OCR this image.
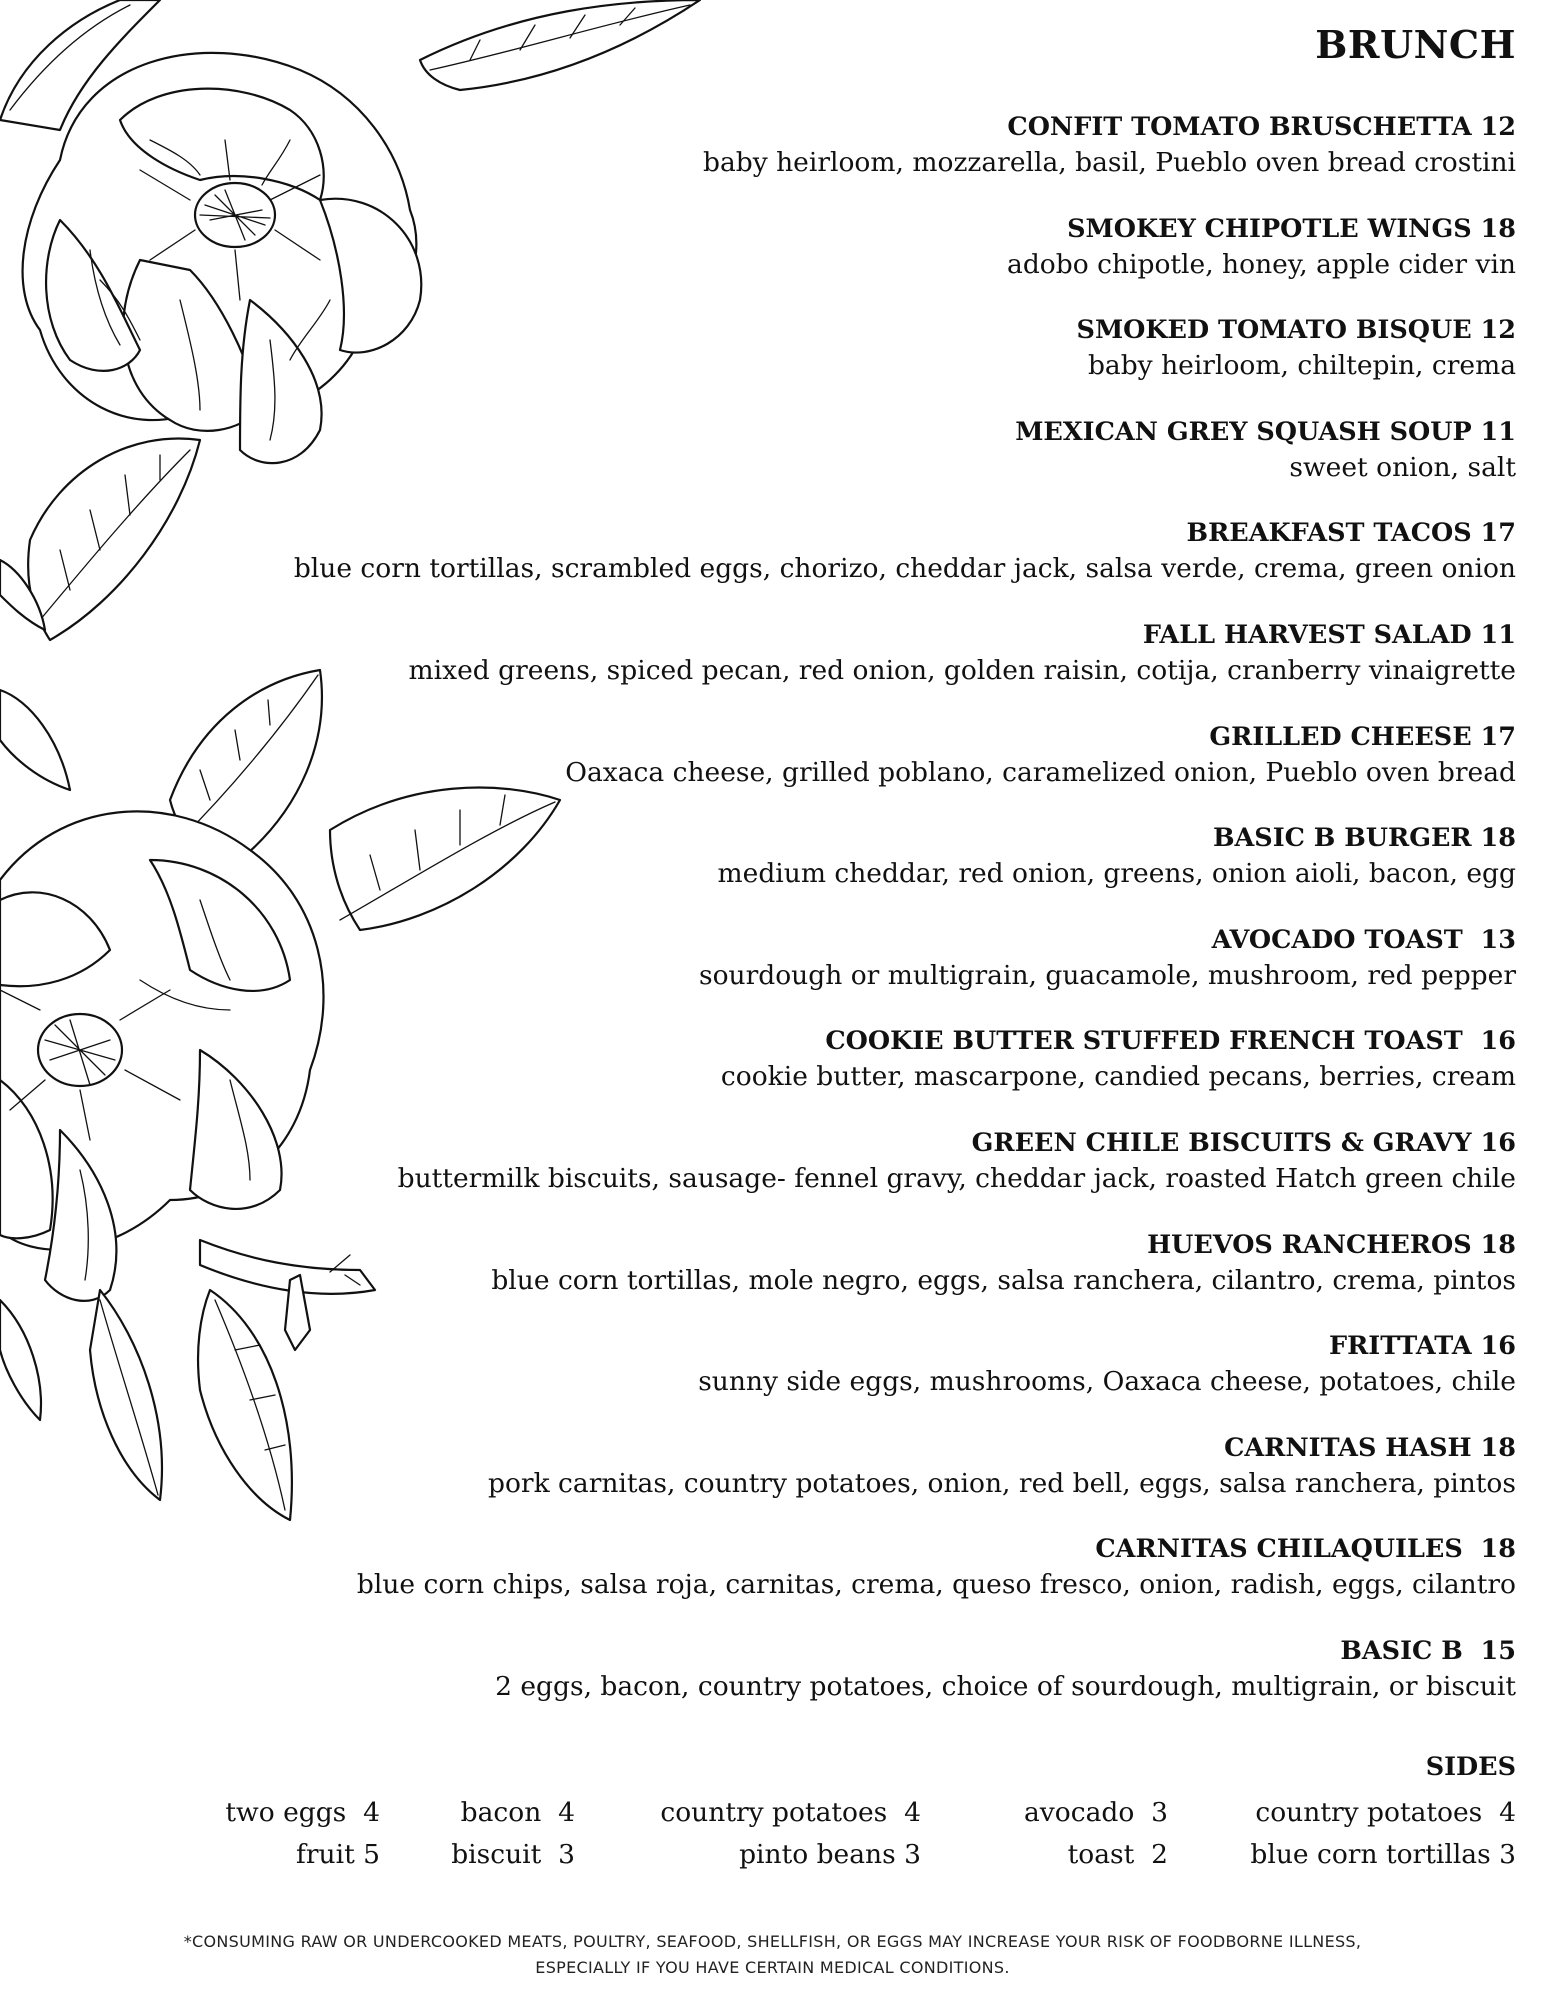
BRUNCH
CONFIT TOMATO BRUSCHETTA 12
baby heirloom, mozzarella, basil, Pueblo oven bread crostini
SMOKEY CHIPOTLE WINGS 18
adobo chipotle, honey, apple cider vin
SMOKED TOMATO BISQUE 12
baby heirloom, chiltepin, crema
MEXICAN GREY SQUASH SOUP 11
sweet onion, salt
BREAKFAST TACOS 17
blue corn tortillas, scrambled eggs, chorizo, cheddar jack, salsa verde, crema, green onion
FALL HARVEST SALAD 11
mixed greens, spiced pecan, red onion, golden raisin, cotija, cranberry vinaigrette
GRILLED CHEESE 17
Oaxaca cheese, grilled poblano, caramelized onion, Pueblo oven bread
BASIC B BURGER 18
medium cheddar, red onion, greens, onion aioli, bacon, egg
AVOCADO TOAST  13
sourdough or multigrain, guacamole, mushroom, red pepper
COOKIE BUTTER STUFFED FRENCH TOAST  16
cookie butter, mascarpone, candied pecans, berries, cream
GREEN CHILE BISCUITS & GRAVY 16
buttermilk biscuits, sausage- fennel gravy, cheddar jack, roasted Hatch green chile
HUEVOS RANCHEROS 18
blue corn tortillas, mole negro, eggs, salsa ranchera, cilantro, crema, pintos
FRITTATA 16
sunny side eggs, mushrooms, Oaxaca cheese, potatoes, chile
CARNITAS HASH 18
pork carnitas, country potatoes, onion, red bell, eggs, salsa ranchera, pintos
CARNITAS CHILAQUILES  18
blue corn chips, salsa roja, carnitas, crema, queso fresco, onion, radish, eggs, cilantro
BASIC B  15
2 eggs, bacon, country potatoes, choice of sourdough, multigrain, or biscuit
SIDES
two eggs  4	bacon  4	country potatoes  4	avocado  3	country potatoes  4
fruit 5	biscuit  3	pinto beans 3	toast  2	blue corn tortillas 3
*CONSUMING RAW OR UNDERCOOKED MEATS, POULTRY, SEAFOOD, SHELLFISH, OR EGGS MAY INCREASE YOUR RISK OF FOODBORNE ILLNESS,
ESPECIALLY IF YOU HAVE CERTAIN MEDICAL CONDITIONS.
